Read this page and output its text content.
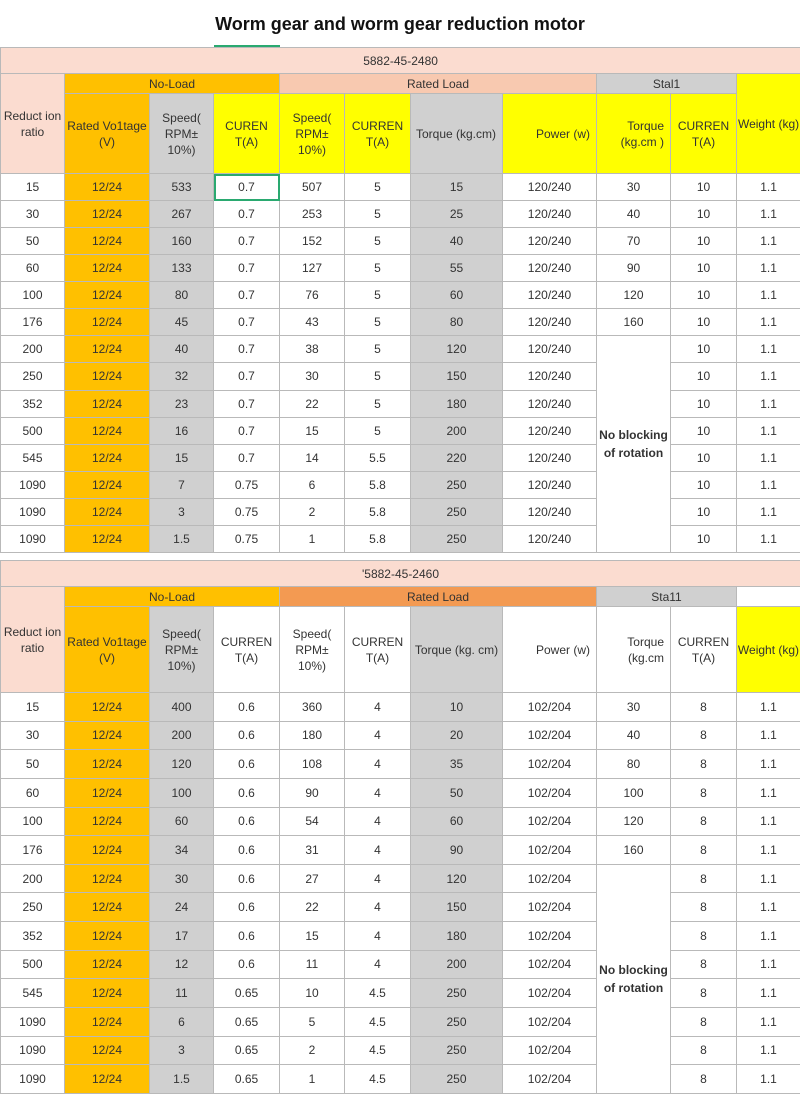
Worm gear and worm gear reduction motor
5882-45-2480										
Reduct ion ratio	No-Load			Rated Load				Stal1		Weight (kg)
	Rated Vo1tage (V)	Speed( RPM± 10%)	CUREN T(A)	Speed( RPM± 10%)	CURREN T(A)	Torque (kg.cm)	Power (w)	Torque (kg.cm )	CURREN T(A)	
15	12/24	533	0.7	507	5	15	120/240	30	10	1.1
30	12/24	267	0.7	253	5	25	120/240	40	10	1.1
50	12/24	160	0.7	152	5	40	120/240	70	10	1.1
60	12/24	133	0.7	127	5	55	120/240	90	10	1.1
100	12/24	80	0.7	76	5	60	120/240	120	10	1.1
176	12/24	45	0.7	43	5	80	120/240	160	10	1.1
200	12/24	40	0.7	38	5	120	120/240	No blocking of rotation	10	1.1
250	12/24	32	0.7	30	5	150	120/240		10	1.1
352	12/24	23	0.7	22	5	180	120/240		10	1.1
500	12/24	16	0.7	15	5	200	120/240		10	1.1
545	12/24	15	0.7	14	5.5	220	120/240		10	1.1
1090	12/24	7	0.75	6	5.8	250	120/240		10	1.1
1090	12/24	3	0.75	2	5.8	250	120/240		10	1.1
1090	12/24	1.5	0.75	1	5.8	250	120/240		10	1.1
'5882-45-2460										
Reduct ion ratio	No-Load			Rated Load				Sta11		
	Rated Vo1tage (V)	Speed( RPM± 10%)	CURREN T(A)	Speed( RPM± 10%)	CURREN T(A)	Torque (kg. cm)	Power (w)	Torque (kg.cm	CURREN T(A)	Weight (kg)
15	12/24	400	0.6	360	4	10	102/204	30	8	1.1
30	12/24	200	0.6	180	4	20	102/204	40	8	1.1
50	12/24	120	0.6	108	4	35	102/204	80	8	1.1
60	12/24	100	0.6	90	4	50	102/204	100	8	1.1
100	12/24	60	0.6	54	4	60	102/204	120	8	1.1
176	12/24	34	0.6	31	4	90	102/204	160	8	1.1
200	12/24	30	0.6	27	4	120	102/204	No blocking of rotation	8	1.1
250	12/24	24	0.6	22	4	150	102/204		8	1.1
352	12/24	17	0.6	15	4	180	102/204		8	1.1
500	12/24	12	0.6	11	4	200	102/204		8	1.1
545	12/24	11	0.65	10	4.5	250	102/204		8	1.1
1090	12/24	6	0.65	5	4.5	250	102/204		8	1.1
1090	12/24	3	0.65	2	4.5	250	102/204		8	1.1
1090	12/24	1.5	0.65	1	4.5	250	102/204		8	1.1
